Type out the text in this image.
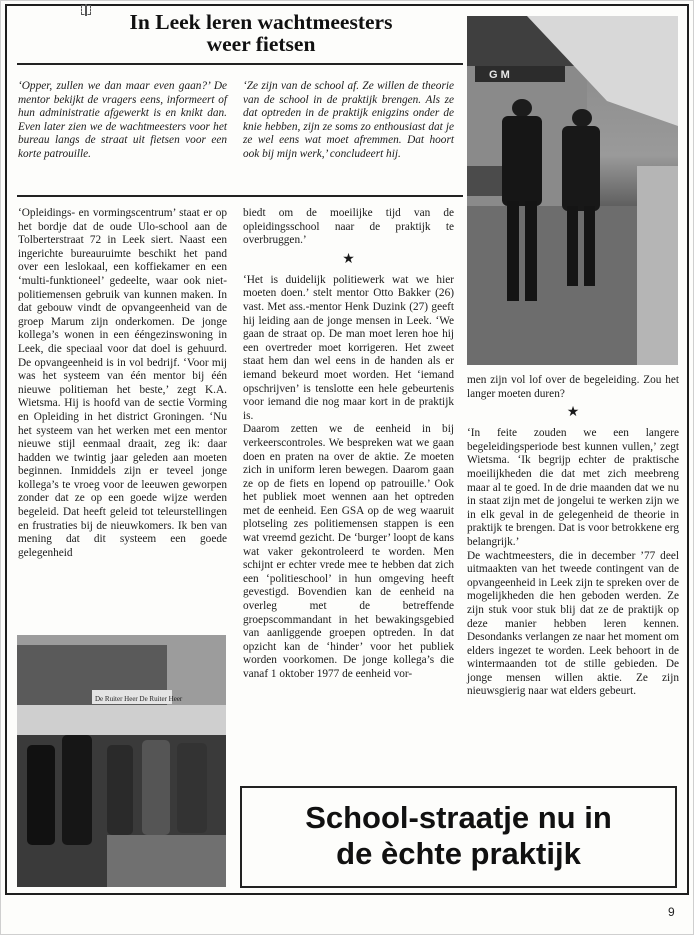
In Leek leren wachtmeesters
weer fietsen

‘Opper, zullen we dan maar even gaan?’ De mentor bekijkt de vragers eens, informeert of hun administratie afgewerkt is en knikt dan. Even later zien we de wachtmeesters voor het bureau langs de straat uit fietsen voor een korte patrouille.

‘Ze zijn van de school af. Ze willen de theorie van de school in de praktijk brengen. Als ze dat optreden in de praktijk enigzins onder de knie hebben, zijn ze soms zo enthousiast dat je ze wel eens wat moet afremmen. Dat hoort ook bij mijn werk,’ concludeert hij.

‘Opleidings- en vormingscentrum’ staat er op het bordje dat de oude Ulo-school aan de Tolberterstraat 72 in Leek siert. Naast een ingerichte bureauruimte beschikt het pand over een leslokaal, een koffiekamer en een ‘multi-funktioneel’ gedeelte, waar ook niet-politiemensen gebruik van kunnen maken. In dat gebouw vindt de opvangeenheid van de groep Marum zijn onderkomen. De jonge kollega’s wonen in een ééngezinswoning in Leek, die speciaal voor dat doel is gehuurd. De opvangeenheid is in vol bedrijf. ‘Voor mij was het systeem van één mentor bij één nieuwe politieman het beste,’ zegt K.A. Wietsma. Hij is hoofd van de sectie Vorming en Opleiding in het district Groningen. ‘Nu het systeem van het werken met een mentor nieuwe stijl eenmaal draait, zeg ik: daar hadden we twintig jaar geleden aan moeten beginnen. Inmiddels zijn er teveel jonge kollega’s te vroeg voor de leeuwen geworpen zonder dat ze op een goede wijze werden begeleid. Dat heeft geleid tot teleurstellingen en frustraties bij de nieuwkomers. Ik ben van mening dat dit systeem een goede gelegenheid

biedt om de moeilijke tijd van de opleidingsschool naar de praktijk te overbruggen.’

★

‘Het is duidelijk politiewerk wat we hier moeten doen.’ stelt mentor Otto Bakker (26) vast. Met ass.-mentor Henk Duzink (27) geeft hij leiding aan de jonge mensen in Leek. ‘We gaan de straat op. De man moet leren hoe hij een overtreder moet korrigeren. Het zweet staat hem dan wel eens in de handen als er iemand bekeurd moet worden. Het ‘iemand opschrijven’ is tenslotte een hele gebeurtenis voor iemand die nog maar kort in de praktijk is.

Daarom zetten we de eenheid in bij verkeerscontroles. We bespreken wat we gaan doen en praten na over de aktie. Ze moeten zich in uniform leren bewegen. Daarom gaan ze op de fiets en lopend op patrouille.’ Ook het publiek moet wennen aan het optreden met de eenheid. Een GSA op de weg waaruit plotseling zes politiemensen stappen is een wat vreemd gezicht. De ‘burger’ loopt de kans wat vaker gekontroleerd te worden. Men schijnt er echter vrede mee te hebben dat zich een ‘politieschool’ in hun omgeving heeft gevestigd. Bovendien kan de eenheid na overleg met de betreffende groepscommandant in het bewakingsgebied van aanliggende groepen optreden. In dat opzicht kan de ‘hinder’ voor het publiek worden voorkomen. De jonge kollega’s die vanaf 1 oktober 1977 de eenheid vor-

G M

men zijn vol lof over de begeleiding. Zou het langer moeten duren?

★

‘In feite zouden we een langere begeleidingsperiode best kunnen vullen,’ zegt Wietsma. ‘Ik begrijp echter de praktische moeilijkheden die dat met zich meebreng maar al te goed. In de drie maanden dat we nu in staat zijn met de jongelui te werken zijn we in elk geval in de gelegenheid de theorie in praktijk te brengen. Dat is voor betrokkene erg belangrijk.’

De wachtmeesters, die in december ’77 deel uitmaakten van het tweede contingent van de opvangeenheid in Leek zijn te spreken over de mogelijkheden die hen geboden werden. Ze zijn stuk voor stuk blij dat ze de praktijk op deze manier hebben leren kennen. Desondanks verlangen ze naar het moment om elders ingezet te worden. Leek behoort in de wintermaanden tot de stille gebieden. De jonge mensen willen aktie. Ze zijn nieuwsgierig naar wat elders gebeurt.

De Ruiter Heer De Ruiter Heer
School-straatje nu in
de èchte praktijk
9
